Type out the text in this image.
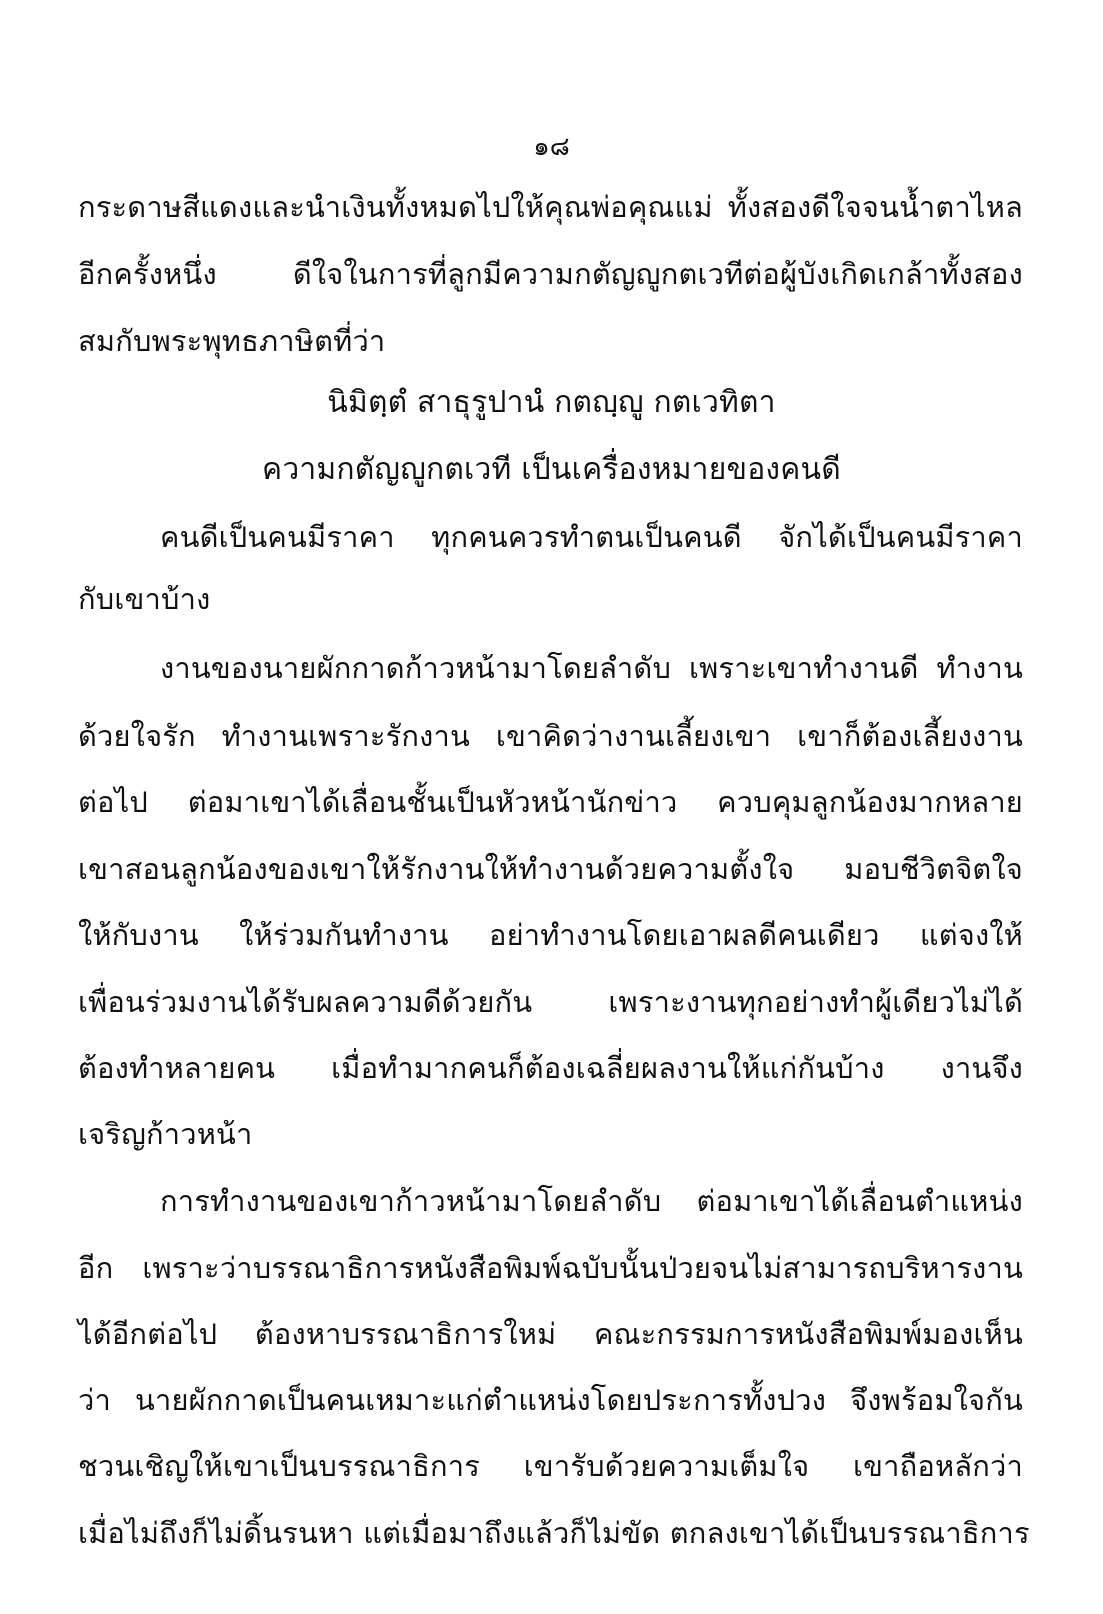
๑๘
กระดาษสีแดงและนำเงินทั้งหมดไปให้คุณพ่อคุณแม่ ทั้งสองดีใจจนน้ำตาไหล
อีกครั้งหนึ่ง ดีใจในการที่ลูกมีความกตัญญูกตเวทีต่อผู้บังเกิดเกล้าทั้งสอง
สมกับพระพุทธภาษิตที่ว่า
นิมิตฺตํ สาธุรูปานํ กตญฺญู กตเวทิตา
ความกตัญญูกตเวที เป็นเครื่องหมายของคนดี
คนดีเป็นคนมีราคา ทุกคนควรทำตนเป็นคนดี จักได้เป็นคนมีราคา
กับเขาบ้าง
งานของนายผักกาดก้าวหน้ามาโดยลำดับ เพราะเขาทำงานดี ทำงาน
ด้วยใจรัก ทำงานเพราะรักงาน เขาคิดว่างานเลี้ยงเขา เขาก็ต้องเลี้ยงงาน
ต่อไป ต่อมาเขาได้เลื่อนชั้นเป็นหัวหน้านักข่าว ควบคุมลูกน้องมากหลาย
เขาสอนลูกน้องของเขาให้รักงานให้ทำงานด้วยความตั้งใจ มอบชีวิตจิตใจ
ให้กับงาน ให้ร่วมกันทำงาน อย่าทำงานโดยเอาผลดีคนเดียว แต่จงให้
เพื่อนร่วมงานได้รับผลความดีด้วยกัน เพราะงานทุกอย่างทำผู้เดียวไม่ได้
ต้องทำหลายคน เมื่อทำมากคนก็ต้องเฉลี่ยผลงานให้แก่กันบ้าง งานจึง
เจริญก้าวหน้า
การทำงานของเขาก้าวหน้ามาโดยลำดับ ต่อมาเขาได้เลื่อนตำแหน่ง
อีก เพราะว่าบรรณาธิการหนังสือพิมพ์ฉบับนั้นป่วยจนไม่สามารถบริหารงาน
ได้อีกต่อไป ต้องหาบรรณาธิการใหม่ คณะกรรมการหนังสือพิมพ์มองเห็น
ว่า นายผักกาดเป็นคนเหมาะแก่ตำแหน่งโดยประการทั้งปวง จึงพร้อมใจกัน
ชวนเชิญให้เขาเป็นบรรณาธิการ เขารับด้วยความเต็มใจ เขาถือหลักว่า
เมื่อไม่ถึงก็ไม่ดิ้นรนหา แต่เมื่อมาถึงแล้วก็ไม่ขัด ตกลงเขาได้เป็นบรรณาธิการ
